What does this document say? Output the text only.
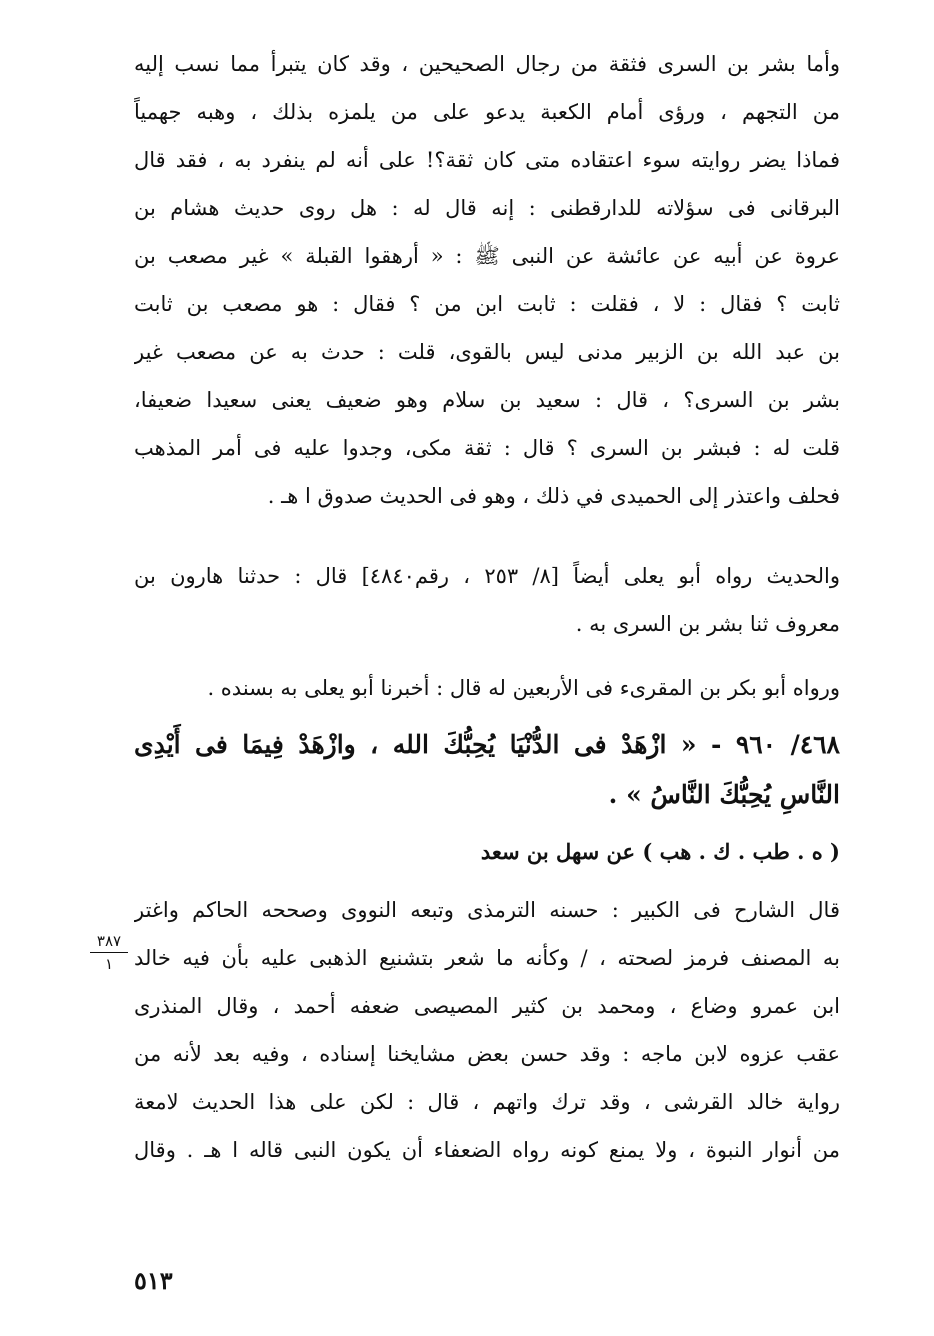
وأما بشر بن السرى فثقة من رجال الصحيحين ، وقد كان يتبرأ مما نسب إليه
من التجهم ، ورؤى أمام الكعبة يدعو على من يلمزه بذلك ، وهبه جهمياً
فماذا يضر روايته سوء اعتقاده متى كان ثقة؟! على أنه لم ينفرد به ، فقد قال
البرقانى فى سؤلاته للدارقطنى : إنه قال له : هل روى حديث هشام بن
عروة عن أبيه عن عائشة عن النبى ﷺ : « أرهقوا القبلة » غير مصعب بن
ثابت ؟ فقال : لا ، فقلت : ثابت ابن من ؟ فقال : هو مصعب بن ثابت
بن عبد الله بن الزبير مدنى ليس بالقوى، قلت : حدث به عن مصعب غير
بشر بن السرى؟ ، قال : سعيد بن سلام وهو ضعيف يعنى سعيدا ضعيفا،
قلت له : فبشر بن السرى ؟ قال : ثقة مكى، وجدوا عليه فى أمر المذهب
فحلف واعتذر إلى الحميدى في ذلك ، وهو فى الحديث صدوق ا هـ .
والحديث رواه أبو يعلى أيضاً [٨/ ٢٥٣ ، رقم٤٨٤٠] قال : حدثنا هارون بن
معروف ثنا بشر بن السرى به .
ورواه أبو بكر بن المقرىء فى الأربعين له قال : أخبرنا أبو يعلى به بسنده .
٤٦٨/ ٩٦٠ - « ازْهَدْ فى الدُّنْيَا يُحِبُّكَ الله ، وازْهَدْ فِيمَا فى أَيْدِى
النَّاسِ يُحِبُّكَ النَّاسُ » .
( ه . طب . ك . هب ) عن سهل بن سعد
قال الشارح فى الكبير : حسنه الترمذى وتبعه النووى وصححه الحاكم واغتر
به المصنف فرمز لصحته ، / وكأنه ما شعر بتشنيع الذهبى عليه بأن فيه خالد
ابن عمرو وضاع ، ومحمد بن كثير المصيصى ضعفه أحمد ، وقال المنذرى
عقب عزوه لابن ماجه : وقد حسن بعض مشايخنا إسناده ، وفيه بعد لأنه من
رواية خالد القرشى ، وقد ترك واتهم ، قال : لكن على هذا الحديث لامعة
من أنوار النبوة ، ولا يمنع كونه رواه الضعفاء أن يكون النبى قاله ا هـ . وقال
٣٨٧
١
٥١٣
